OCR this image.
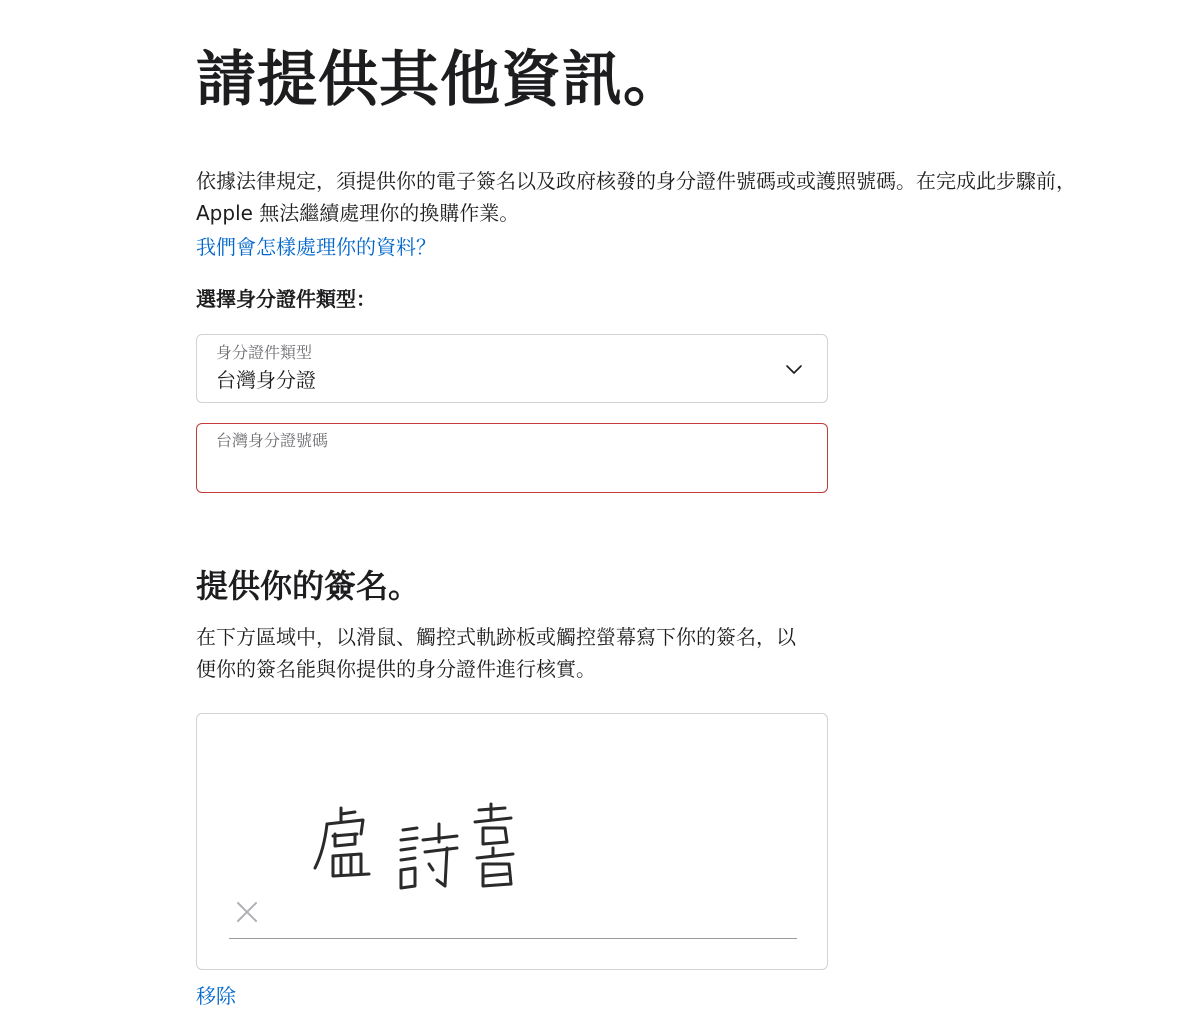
請提供其他資訊。

依據法律規定，須提供你的電子簽名以及政府核發的身分證件號碼或或護照號碼。在完成此步驟前，Apple 無法繼續處理你的換購作業。

我們會怎樣處理你的資料？
選擇身分證件類型：
身分證件類型
台灣身分證
台灣身分證號碼
提供你的簽名。

在下方區域中，以滑鼠、觸控式軌跡板或觸控螢幕寫下你的簽名，以便你的簽名能與你提供的身分證件進行核實。

移除
